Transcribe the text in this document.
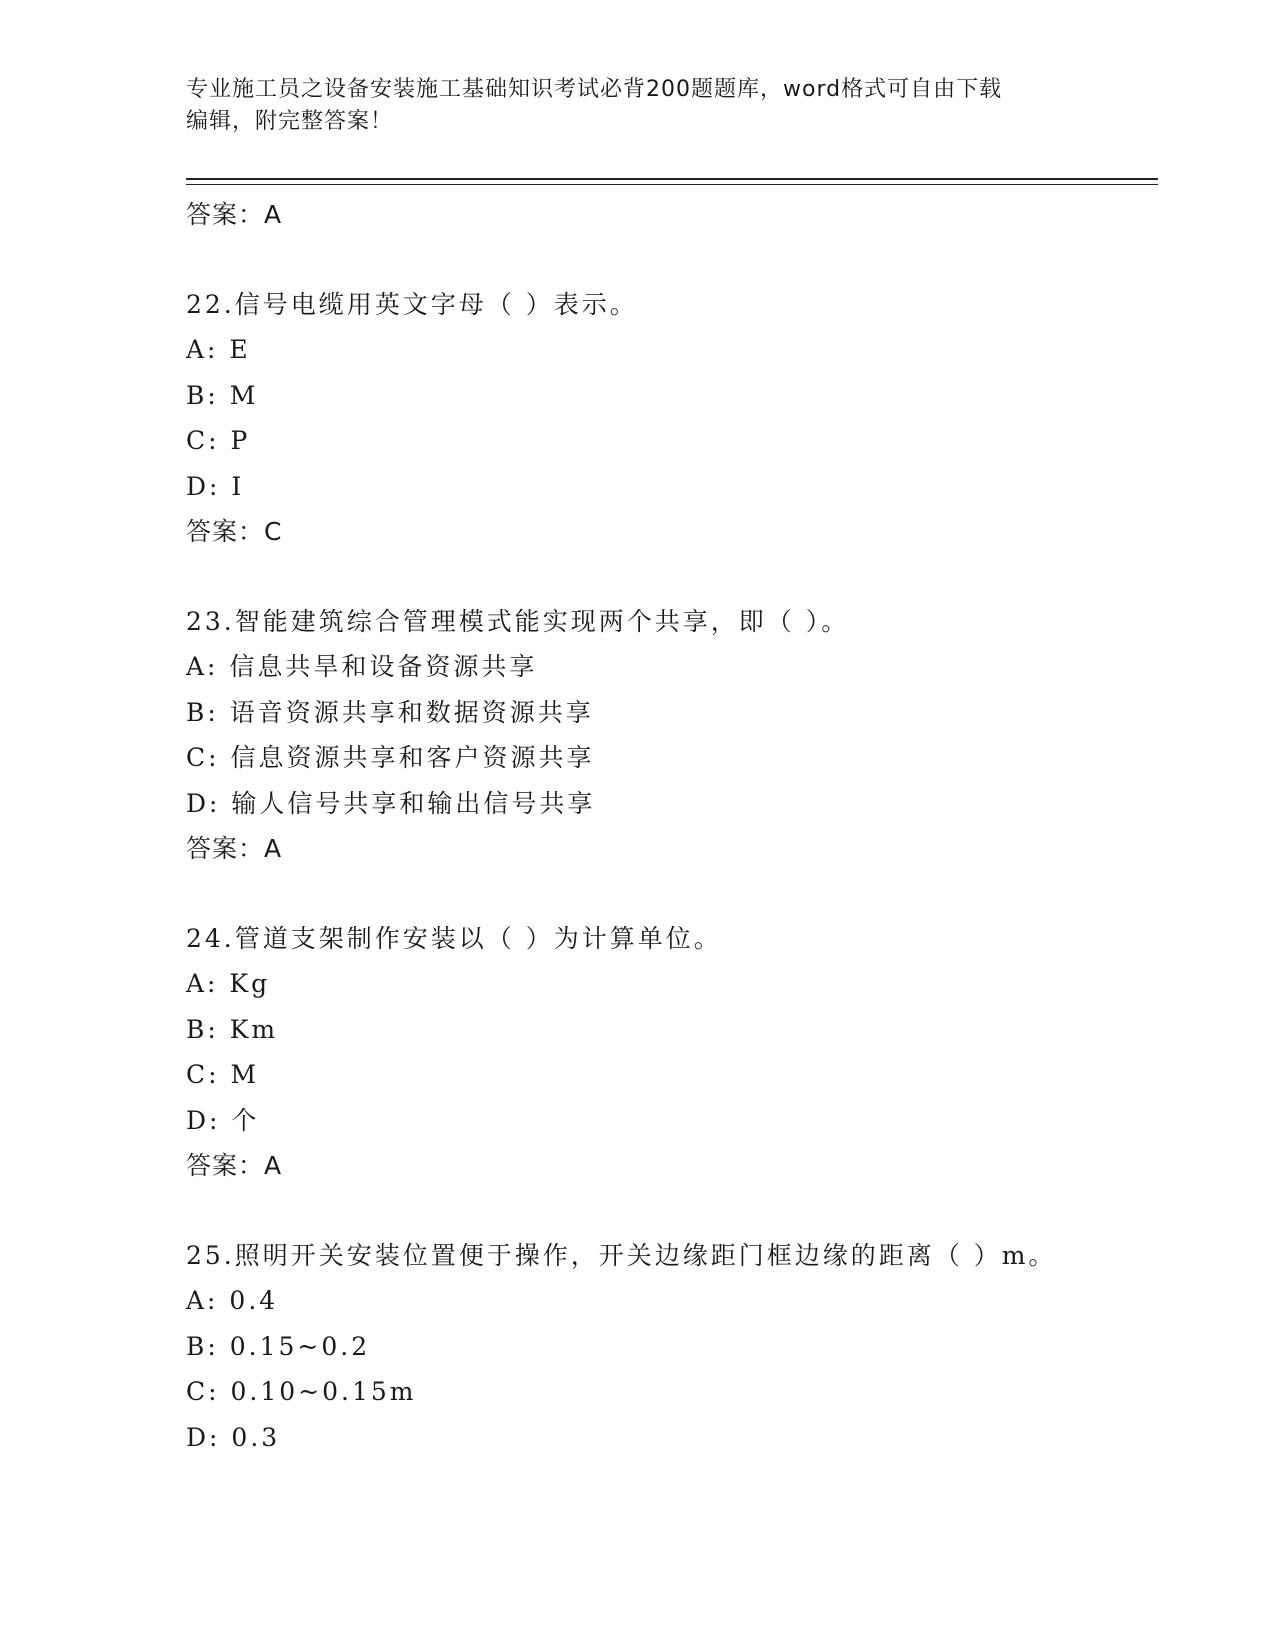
专业施工员之设备安装施工基础知识考试必背200题题库，word格式可自由下载
编辑，附完整答案！
答案：A
22.信号电缆用英文字母（ ）表示。
A: E
B: M
C: P
D: I
答案：C
23.智能建筑综合管理模式能实现两个共享，即（ ）。
A: 信息共旱和设备资源共享
B: 语音资源共享和数据资源共享
C: 信息资源共享和客户资源共享
D: 输人信号共享和输出信号共享
答案：A
24.管道支架制作安装以（ ）为计算单位。
A: Kg
B: Km
C: M
D: 个
答案：A
25.照明开关安装位置便于操作，开关边缘距门框边缘的距离（ ）m。
A: 0.4
B: 0.15~0.2
C: 0.10~0.15m
D: 0.3
